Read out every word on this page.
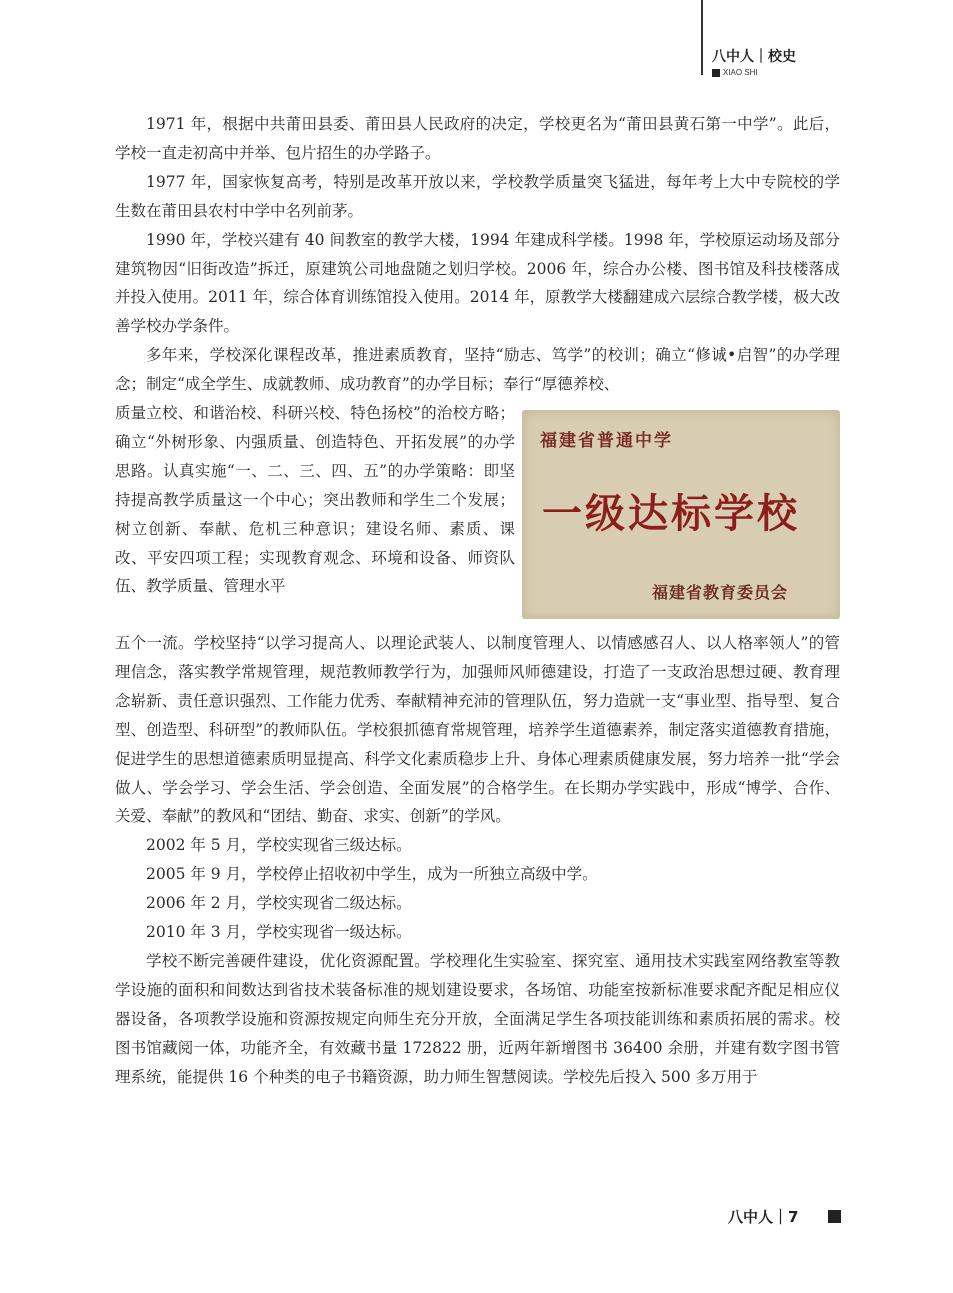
八中人｜校史
XIAO SHI

1971 年，根据中共莆田县委、莆田县人民政府的决定，学校更名为“莆田县黄石第一中学”。此后，学校一直走初高中并举、包片招生的办学路子。

1977 年，国家恢复高考，特别是改革开放以来，学校教学质量突飞猛进，每年考上大中专院校的学生数在莆田县农村中学中名列前茅。

1990 年，学校兴建有 40 间教室的教学大楼，1994 年建成科学楼。1998 年，学校原运动场及部分建筑物因“旧街改造”拆迁，原建筑公司地盘随之划归学校。2006 年，综合办公楼、图书馆及科技楼落成并投入使用。2011 年，综合体育训练馆投入使用。2014 年，原教学大楼翻建成六层综合教学楼，极大改善学校办学条件。

多年来，学校深化课程改革，推进素质教育，坚持“励志、笃学”的校训；确立“修诚•启智”的办学理念；制定“成全学生、成就教师、成功教育”的办学目标；奉行“厚德养校、

质量立校、和谐治校、科研兴校、特色扬校”的治校方略；确立“外树形象、内强质量、创造特色、开拓发展”的办学思路。认真实施“一、二、三、四、五”的办学策略：即坚持提高教学质量这一个中心；突出教师和学生二个发展；树立创新、奉献、危机三种意识；建设名师、素质、课改、平安四项工程；实现教育观念、环境和设备、师资队伍、教学质量、管理水平

福建省普通中学
一级达标学校
福建省教育委员会

五个一流。学校坚持“以学习提高人、以理论武装人、以制度管理人、以情感感召人、以人格率领人”的管理信念，落实教学常规管理，规范教师教学行为，加强师风师德建设，打造了一支政治思想过硬、教育理念崭新、责任意识强烈、工作能力优秀、奉献精神充沛的管理队伍，努力造就一支“事业型、指导型、复合型、创造型、科研型”的教师队伍。学校狠抓德育常规管理，培养学生道德素养，制定落实道德教育措施，促进学生的思想道德素质明显提高、科学文化素质稳步上升、身体心理素质健康发展，努力培养一批“学会做人、学会学习、学会生活、学会创造、全面发展”的合格学生。在长期办学实践中，形成“博学、合作、关爱、奉献”的教风和“团结、勤奋、求实、创新”的学风。

2002 年 5 月，学校实现省三级达标。

2005 年 9 月，学校停止招收初中学生，成为一所独立高级中学。

2006 年 2 月，学校实现省二级达标。

2010 年 3 月，学校实现省一级达标。

学校不断完善硬件建设，优化资源配置。学校理化生实验室、探究室、通用技术实践室网络教室等教学设施的面积和间数达到省技术装备标准的规划建设要求，各场馆、功能室按新标准要求配齐配足相应仪器设备，各项教学设施和资源按规定向师生充分开放，全面满足学生各项技能训练和素质拓展的需求。校图书馆藏阅一体，功能齐全，有效藏书量 172822 册，近两年新增图书 36400 余册，并建有数字图书管理系统，能提供 16 个种类的电子书籍资源，助力师生智慧阅读。学校先后投入 500 多万用于

八中人｜7
